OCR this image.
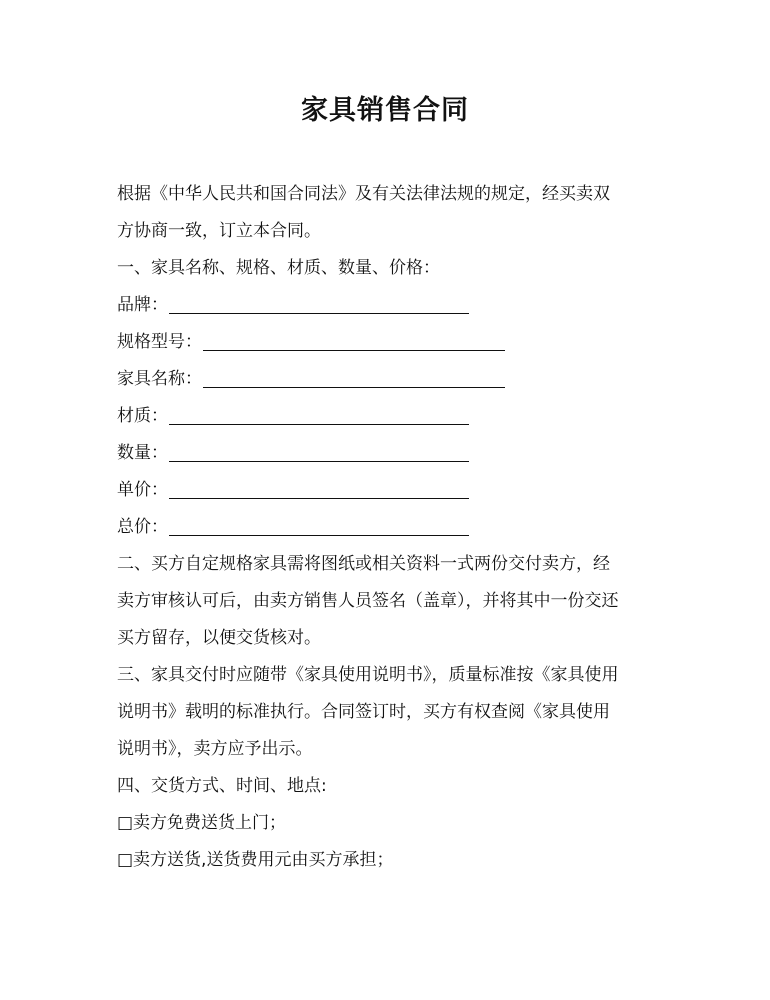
家具销售合同
根据《中华人民共和国合同法》及有关法律法规的规定，经买卖双
方协商一致，订立本合同。
一、家具名称、规格、材质、数量、价格：
品牌：
规格型号：
家具名称：
材质：
数量：
单价：
总价：
二、买方自定规格家具需将图纸或相关资料一式两份交付卖方，经
卖方审核认可后，由卖方销售人员签名（盖章），并将其中一份交还
买方留存，以便交货核对。
三、家具交付时应随带《家具使用说明书》，质量标准按《家具使用
说明书》载明的标准执行。合同签订时，买方有权查阅《家具使用
说明书》，卖方应予出示。
四、交货方式、时间、地点:
□卖方免费送货上门；
□卖方送货,送货费用元由买方承担；
